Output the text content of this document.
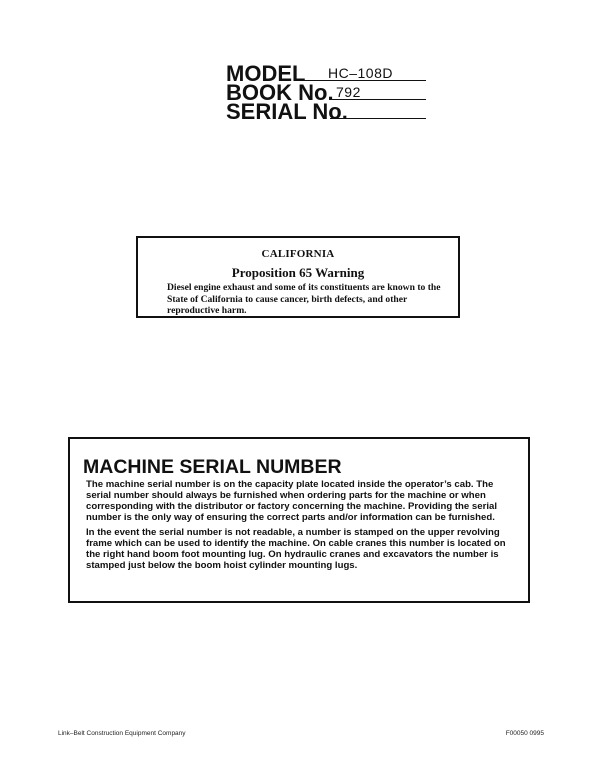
MODEL HC–108D
BOOK No. 792
SERIAL No.
CALIFORNIA
Proposition 65 Warning

Diesel engine exhaust and some of its constituents are known to the State of California to cause cancer, birth defects, and other reproductive harm.

MACHINE SERIAL NUMBER

The machine serial number is on the capacity plate located inside the operator’s cab. The serial number should always be furnished when ordering parts for the machine or when corresponding with the distributor or factory concerning the machine. Providing the serial number is the only way of ensuring the correct parts and/or information can be furnished.

In the event the serial number is not readable, a number is stamped on the upper revolving frame which can be used to identify the machine. On cable cranes this number is located on the right hand boom foot mounting lug. On hydraulic cranes and excavators the number is stamped just below the boom hoist cylinder mounting lugs.

Link–Belt Construction Equipment Company	F00050 0995
